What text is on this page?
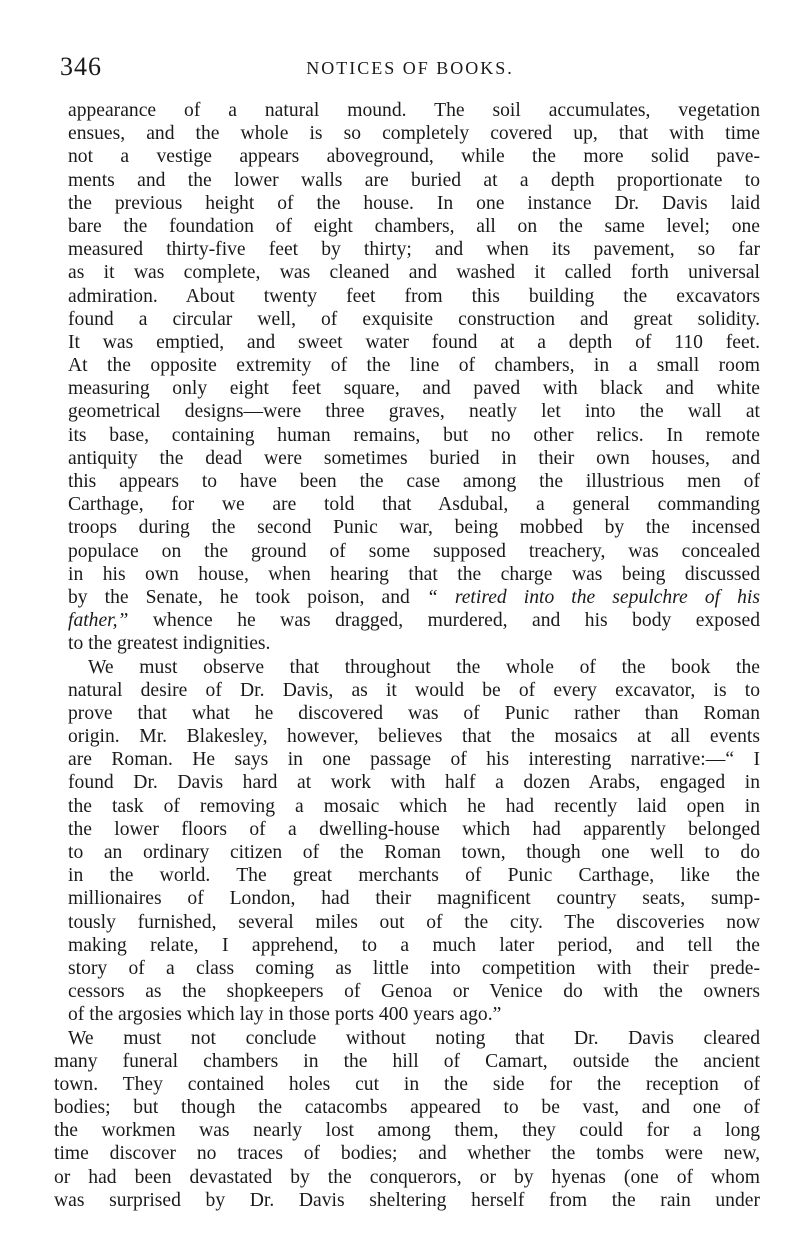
346	NOTICES OF BOOKS.
appearance of a natural mound. The soil accumulates, vegetation
ensues, and the whole is so completely covered up, that with time
not a vestige appears aboveground, while the more solid pave-
ments and the lower walls are buried at a depth proportionate to
the previous height of the house. In one instance Dr. Davis laid
bare the foundation of eight chambers, all on the same level; one
measured thirty-five feet by thirty; and when its pavement, so far
as it was complete, was cleaned and washed it called forth universal
admiration. About twenty feet from this building the excavators
found a circular well, of exquisite construction and great solidity.
It was emptied, and sweet water found at a depth of 110 feet.
At the opposite extremity of the line of chambers, in a small room
measuring only eight feet square, and paved with black and white
geometrical designs—were three graves, neatly let into the wall at
its base, containing human remains, but no other relics. In remote
antiquity the dead were sometimes buried in their own houses, and
this appears to have been the case among the illustrious men of
Carthage, for we are told that Asdubal, a general commanding
troops during the second Punic war, being mobbed by the incensed
populace on the ground of some supposed treachery, was concealed
in his own house, when hearing that the charge was being discussed
by the Senate, he took poison, and “ retired into the sepulchre of his
father,” whence he was dragged, murdered, and his body exposed
to the greatest indignities.
We must observe that throughout the whole of the book the
natural desire of Dr. Davis, as it would be of every excavator, is to
prove that what he discovered was of Punic rather than Roman
origin. Mr. Blakesley, however, believes that the mosaics at all events
are Roman. He says in one passage of his interesting narrative:—“ I
found Dr. Davis hard at work with half a dozen Arabs, engaged in
the task of removing a mosaic which he had recently laid open in
the lower floors of a dwelling-house which had apparently belonged
to an ordinary citizen of the Roman town, though one well to do
in the world. The great merchants of Punic Carthage, like the
millionaires of London, had their magnificent country seats, sump-
tously furnished, several miles out of the city. The discoveries now
making relate, I apprehend, to a much later period, and tell the
story of a class coming as little into competition with their prede-
cessors as the shopkeepers of Genoa or Venice do with the owners
of the argosies which lay in those ports 400 years ago.”
We must not conclude without noting that Dr. Davis cleared
many funeral chambers in the hill of Camart, outside the ancient
town. They contained holes cut in the side for the reception of
bodies; but though the catacombs appeared to be vast, and one of
the workmen was nearly lost among them, they could for a long
time discover no traces of bodies; and whether the tombs were new,
or had been devastated by the conquerors, or by hyenas (one of whom
was surprised by Dr. Davis sheltering herself from the rain under
